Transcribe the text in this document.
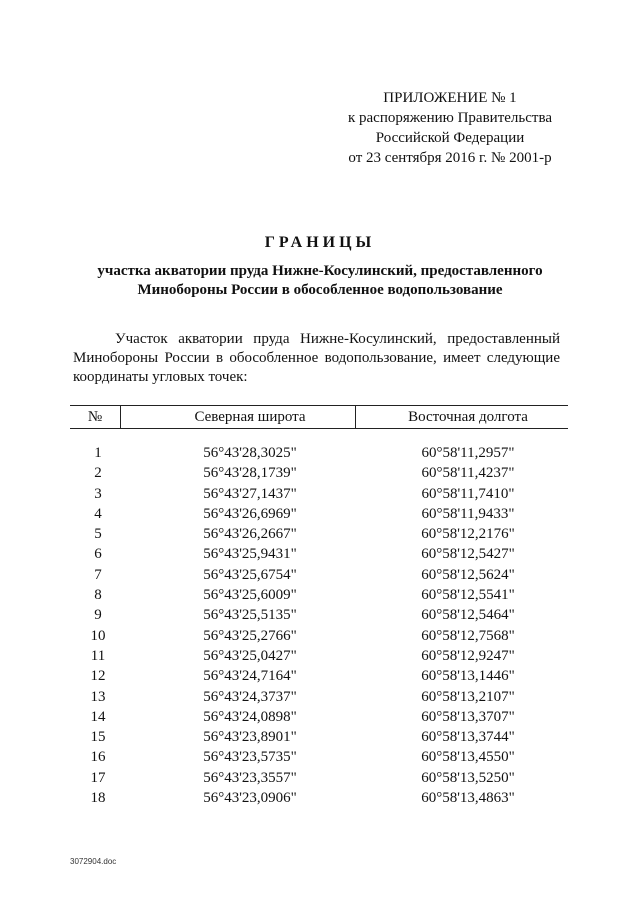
ПРИЛОЖЕНИЕ № 1
к распоряжению Правительства
Российской Федерации
от 23 сентября 2016 г. № 2001-р
ГРАНИЦЫ
участка акватории пруда Нижне-Косулинский, предоставленного
Минобороны России в обособленное водопользование
Участок акватории пруда Нижне-Косулинский, предоставленный Минобороны России в обособленное водопользование, имеет следующие координаты угловых точек:
№	Северная широта	Восточная долгота
1	56°43'28,3025"	60°58'11,2957"
2	56°43'28,1739"	60°58'11,4237"
3	56°43'27,1437"	60°58'11,7410"
4	56°43'26,6969"	60°58'11,9433"
5	56°43'26,2667"	60°58'12,2176"
6	56°43'25,9431"	60°58'12,5427"
7	56°43'25,6754"	60°58'12,5624"
8	56°43'25,6009"	60°58'12,5541"
9	56°43'25,5135"	60°58'12,5464"
10	56°43'25,2766"	60°58'12,7568"
11	56°43'25,0427"	60°58'12,9247"
12	56°43'24,7164"	60°58'13,1446"
13	56°43'24,3737"	60°58'13,2107"
14	56°43'24,0898"	60°58'13,3707"
15	56°43'23,8901"	60°58'13,3744"
16	56°43'23,5735"	60°58'13,4550"
17	56°43'23,3557"	60°58'13,5250"
18	56°43'23,0906"	60°58'13,4863"
3072904.doc
